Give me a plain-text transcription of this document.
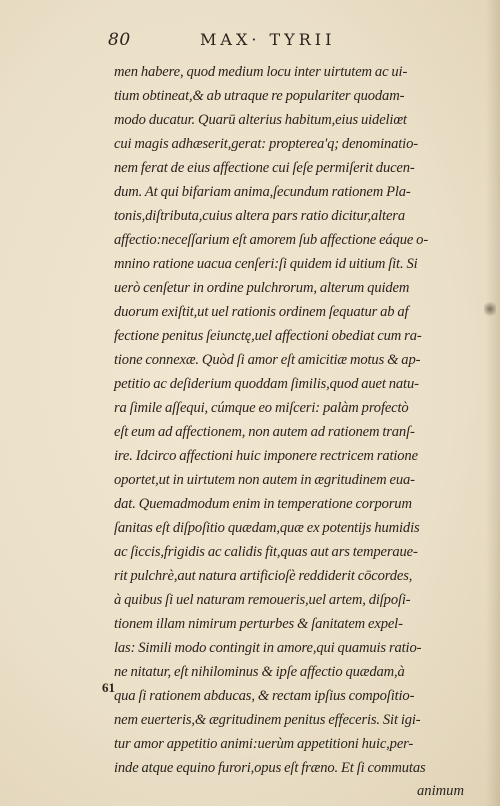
80	MAX· TYRII
61
men habere, quod medium locu inter uirtutem ac ui-
tium obtineat,& ab utraque re populariter quodam-
modo ducatur. Quarū alterius habitum,eius uideliœt
cui magis adhæserit,gerat: propterea'q; denominatio-
nem ferat de eius affectione cui ſeſe permiſerit ducen-
dum. At qui bifariam anima,ſecundum rationem Pla-
tonis,diſtributa,cuius altera pars ratio dicitur,altera
affectio:neceſſarium eſt amorem ſub affectione eáque o-
mnino ratione uacua cenſeri:ſi quidem id uitium ſit. Si
uerò cenſetur in ordine pulchrorum, alterum quidem
duorum exiſtit,ut uel rationis ordinem ſequatur ab af
fectione penitus ſeiunctę,uel affectioni obediat cum ra-
tione connexæ. Quòd ſi amor eſt amicitiæ motus & ap-
petitio ac deſiderium quoddam ſimilis,quod auet natu-
ra ſimile aſſequi, cúmque eo miſceri: palàm profectò
eſt eum ad affectionem, non autem ad rationem tranſ-
ire. Idcirco affectioni huic imponere rectricem ratione
oportet,ut in uirtutem non autem in ægritudinem eua-
dat. Quemadmodum enim in temperatione corporum
ſanitas eſt diſpoſitio quædam,quæ ex potentijs humidis
ac ſiccis,frigidis ac calidis fit,quas aut ars temperaue-
rit pulchrè,aut natura artificioſè reddiderit cōcordes,
à quibus ſi uel naturam remoueris,uel artem, diſpoſi-
tionem illam nimirum perturbes & ſanitatem expel-
las: Simili modo contingit in amore,qui quamuis ratio-
ne nitatur, eſt nihilominus & ipſe affectio quædam,à
qua ſi rationem abducas, & rectam ipſius compoſitio-
nem euerteris,& ægritudinem penitus effeceris. Sit igi-
tur amor appetitio animi:uerùm appetitioni huic,per-
inde atque equino furori,opus eſt fræno. Et ſi commutas
animum
